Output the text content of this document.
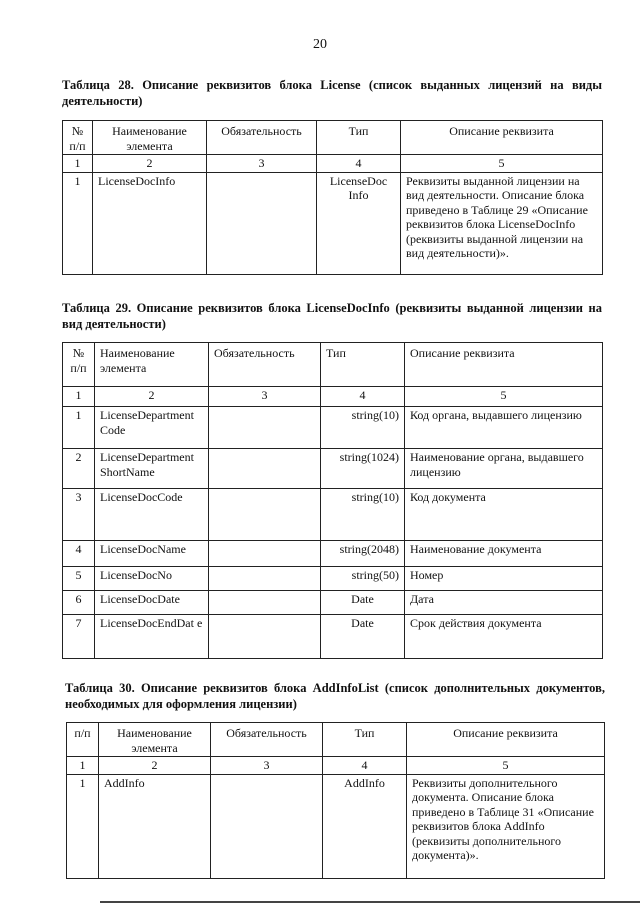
20
Таблица 28. Описание реквизитов блока License (список выданных лицензий на виды деятельности)
№ п/п	Наименование элемента	Обязательность	Тип	Описание реквизита
1	2	3	4	5
1	LicenseDocInfo		LicenseDoc Info	Реквизиты выданной лицензии на вид деятельности. Описание блока приведено в Таблице 29 «Описание реквизитов блока LicenseDocInfo (реквизиты выданной лицензии на вид деятельности)».
Таблица 29. Описание реквизитов блока LicenseDocInfo (реквизиты выданной лицензии на вид деятельности)
№ п/п	Наименование элемента	Обязательность	Тип	Описание реквизита
1	2	3	4	5
1	LicenseDepartment Code		string(10)	Код органа, выдавшего лицензию
2	LicenseDepartment ShortName		string(1024)	Наименование органа, выдавшего лицензию
3	LicenseDocCode		string(10)	Код документа
4	LicenseDocName		string(2048)	Наименование документа
5	LicenseDocNo		string(50)	Номер
6	LicenseDocDate		Date	Дата
7	LicenseDocEndDat e		Date	Срок действия документа
Таблица 30. Описание реквизитов блока AddInfoList (список дополнительных документов, необходимых для оформления лицензии)
п/п	Наименование элемента	Обязательность	Тип	Описание реквизита
1	2	3	4	5
1	AddInfo		AddInfo	Реквизиты дополнительного документа. Описание блока приведено в Таблице 31 «Описание реквизитов блока AddInfo (реквизиты дополнительного документа)».
